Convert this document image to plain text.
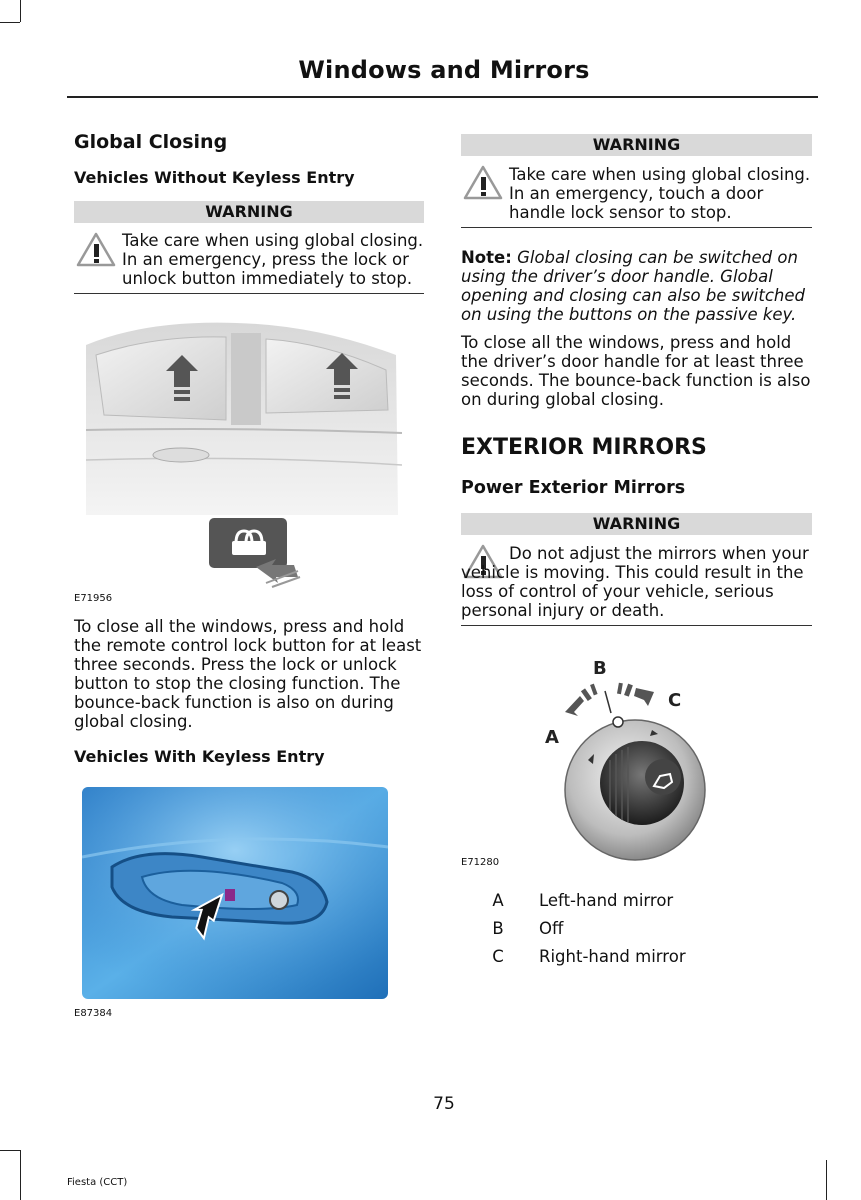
Windows and Mirrors
Global Closing
Vehicles Without Keyless Entry
WARNING
Take care when using global closing. In an emergency, press the lock or unlock button immediately to stop.
E71956
To close all the windows, press and hold the remote control lock button for at least three seconds. Press the lock or unlock button to stop the closing function. The bounce-back function is also on during global closing.
Vehicles With Keyless Entry
E87384
WARNING
Take care when using global closing. In an emergency, touch a door handle lock sensor to stop.
Note: Global closing can be switched on using the driver’s door handle. Global opening and closing can also be switched on using the buttons on the passive key.
To close all the windows, press and hold the driver’s door handle for at least three seconds. The bounce-back function is also on during global closing.
EXTERIOR MIRRORS
Power Exterior Mirrors
WARNING
Do not adjust the mirrors when your vehicle is moving. This could result in the loss of control of your vehicle, serious personal injury or death.
B
C
A
E71280
A	Left-hand mirror
B	Off
C	Right-hand mirror
75
Fiesta (CCT)
